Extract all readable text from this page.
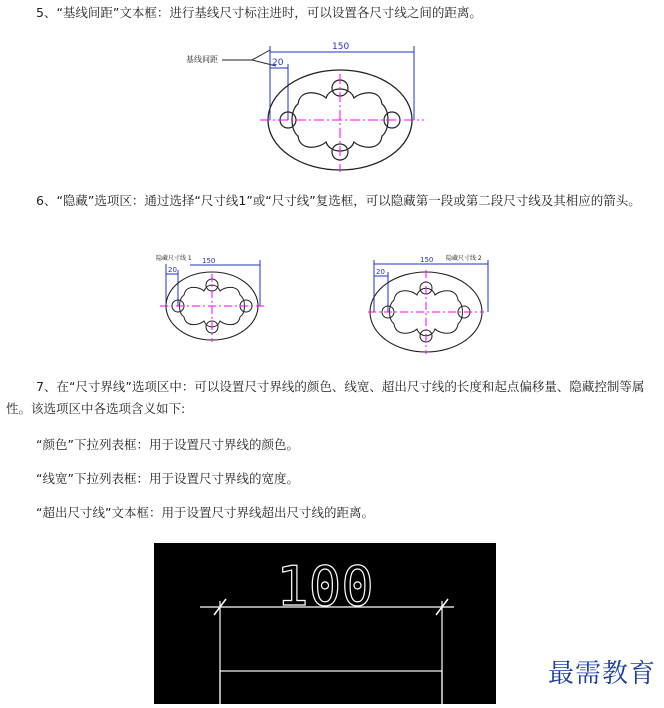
5、“基线间距”文本框：进行基线尺寸标注进时，可以设置各尺寸线之间的距离。

基线间距
150
20

6、“隐藏”选项区：通过选择“尺寸线1”或“尺寸线”复选框，可以隐藏第一段或第二段尺寸线及其相应的箭头。

隐藏尺寸线 1 150
20
隐藏尺寸线 2
150
20

7、在“尺寸界线”选项区中：可以设置尺寸界线的颜色、线宽、超出尺寸线的长度和起点偏移量、隐藏控制等属性。该选项区中各选项含义如下:

“颜色”下拉列表框：用于设置尺寸界线的颜色。
“线宽”下拉列表框：用于设置尺寸界线的宽度。
“超出尺寸线”文本框：用于设置尺寸界线超出尺寸线的距离。
100
最需教育
